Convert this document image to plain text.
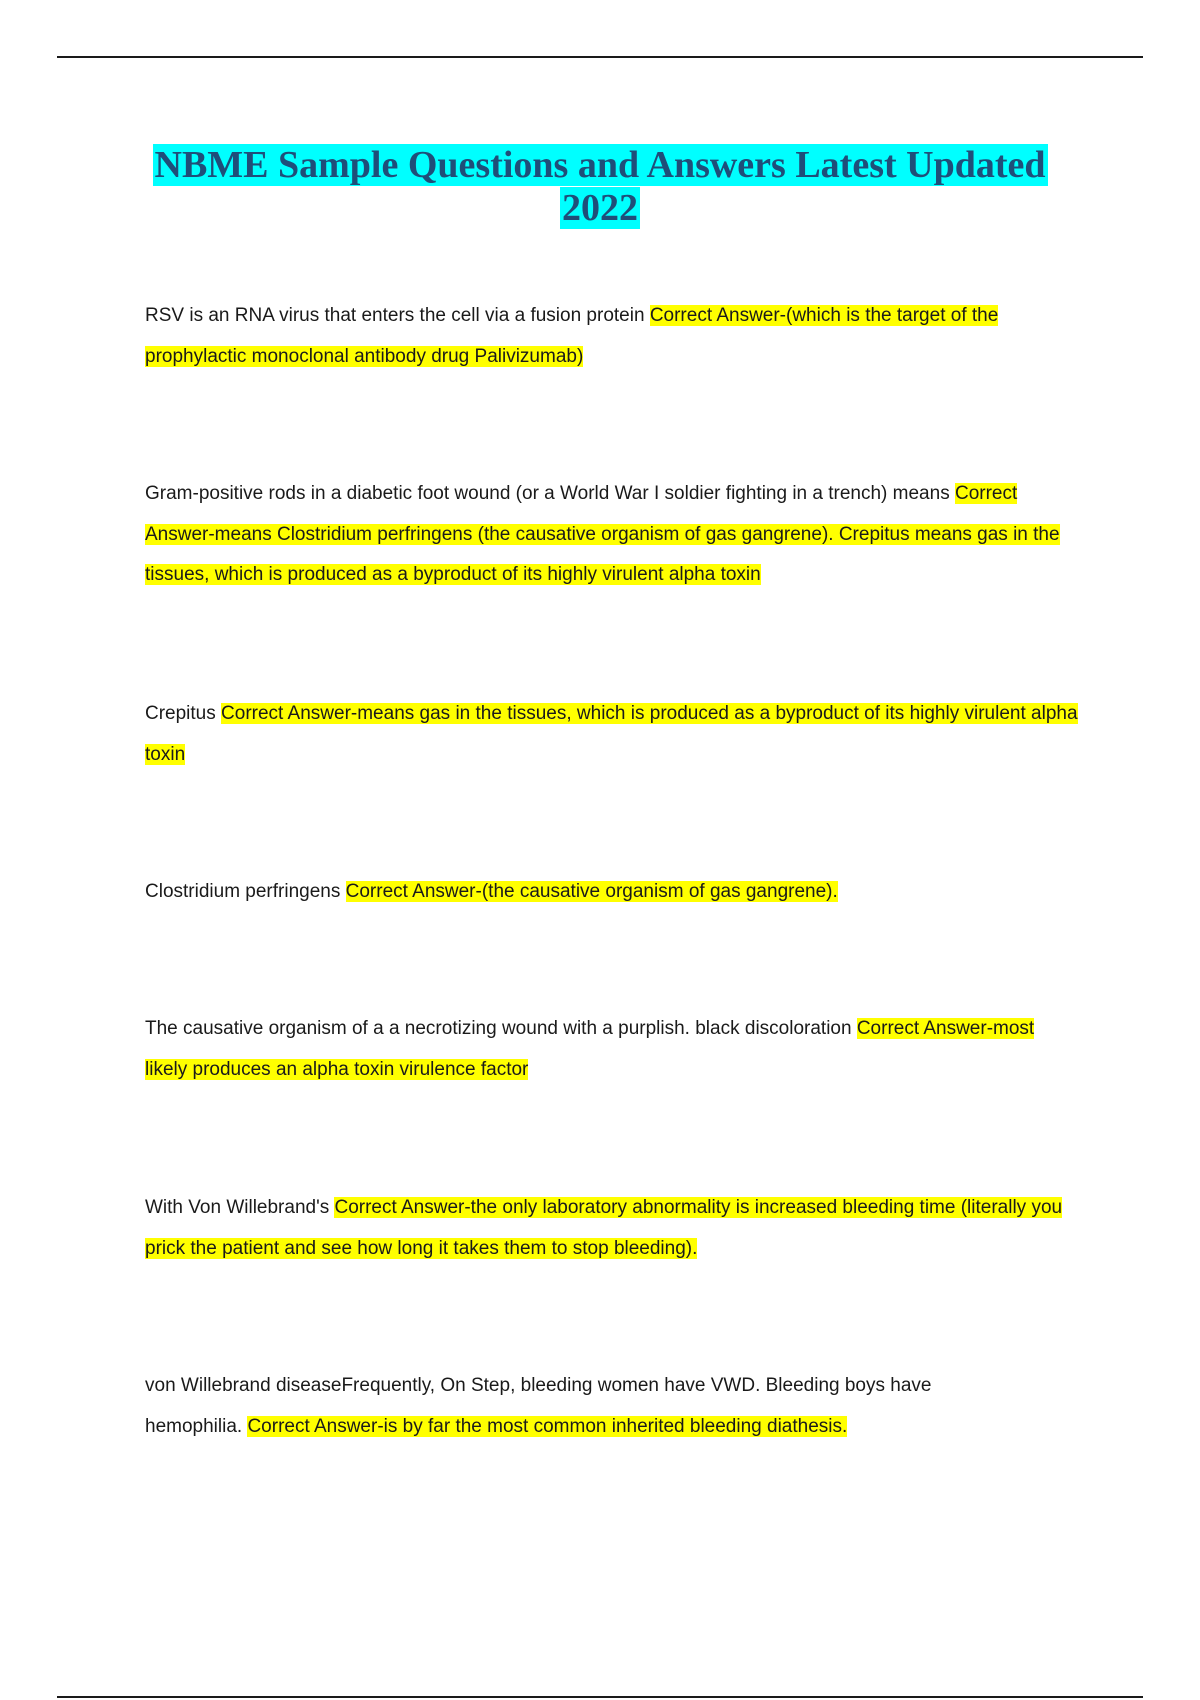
NBME Sample Questions and Answers Latest Updated
2022

RSV is an RNA virus that enters the cell via a fusion protein Correct Answer-(which is the target of the prophylactic monoclonal antibody drug Palivizumab)

Gram-positive rods in a diabetic foot wound (or a World War I soldier fighting in a trench) means Correct Answer-means Clostridium perfringens (the causative organism of gas gangrene). Crepitus means gas in the tissues, which is produced as a byproduct of its highly virulent alpha toxin

Crepitus Correct Answer-means gas in the tissues, which is produced as a byproduct of its highly virulent alpha toxin

Clostridium perfringens Correct Answer-(the causative organism of gas gangrene).

The causative organism of a a necrotizing wound with a purplish. black discoloration Correct Answer-most likely produces an alpha toxin virulence factor

With Von Willebrand's Correct Answer-the only laboratory abnormality is increased bleeding time (literally you prick the patient and see how long it takes them to stop bleeding).

von Willebrand diseaseFrequently, On Step, bleeding women have VWD. Bleeding boys have hemophilia. Correct Answer-is by far the most common inherited bleeding diathesis.
